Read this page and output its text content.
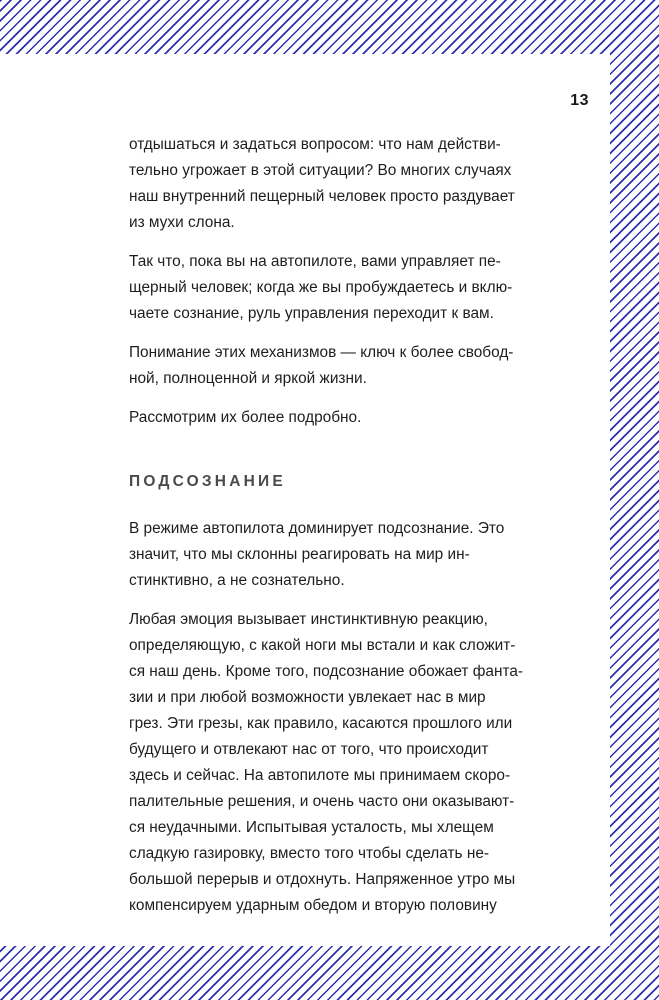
13
отдышаться и задаться вопросом: что нам действи-
тельно угрожает в этой ситуации? Во многих случаях
наш внутренний пещерный человек просто раздувает
из мухи слона.
Так что, пока вы на автопилоте, вами управляет пе-
щерный человек; когда же вы пробуждаетесь и вклю-
чаете сознание, руль управления переходит к вам.
Понимание этих механизмов — ключ к более свобод-
ной, полноценной и яркой жизни.
Рассмотрим их более подробно.
ПОДСОЗНАНИЕ
В режиме автопилота доминирует подсознание. Это
значит, что мы склонны реагировать на мир ин-
стинктивно, а не сознательно.
Любая эмоция вызывает инстинктивную реакцию,
определяющую, с какой ноги мы встали и как сложит-
ся наш день. Кроме того, подсознание обожает фанта-
зии и при любой возможности увлекает нас в мир
грез. Эти грезы, как правило, касаются прошлого или
будущего и отвлекают нас от того, что происходит
здесь и сейчас. На автопилоте мы принимаем скоро-
палительные решения, и очень часто они оказывают-
ся неудачными. Испытывая усталость, мы хлещем
сладкую газировку, вместо того чтобы сделать не-
большой перерыв и отдохнуть. Напряженное утро мы
компенсируем ударным обедом и вторую половину
